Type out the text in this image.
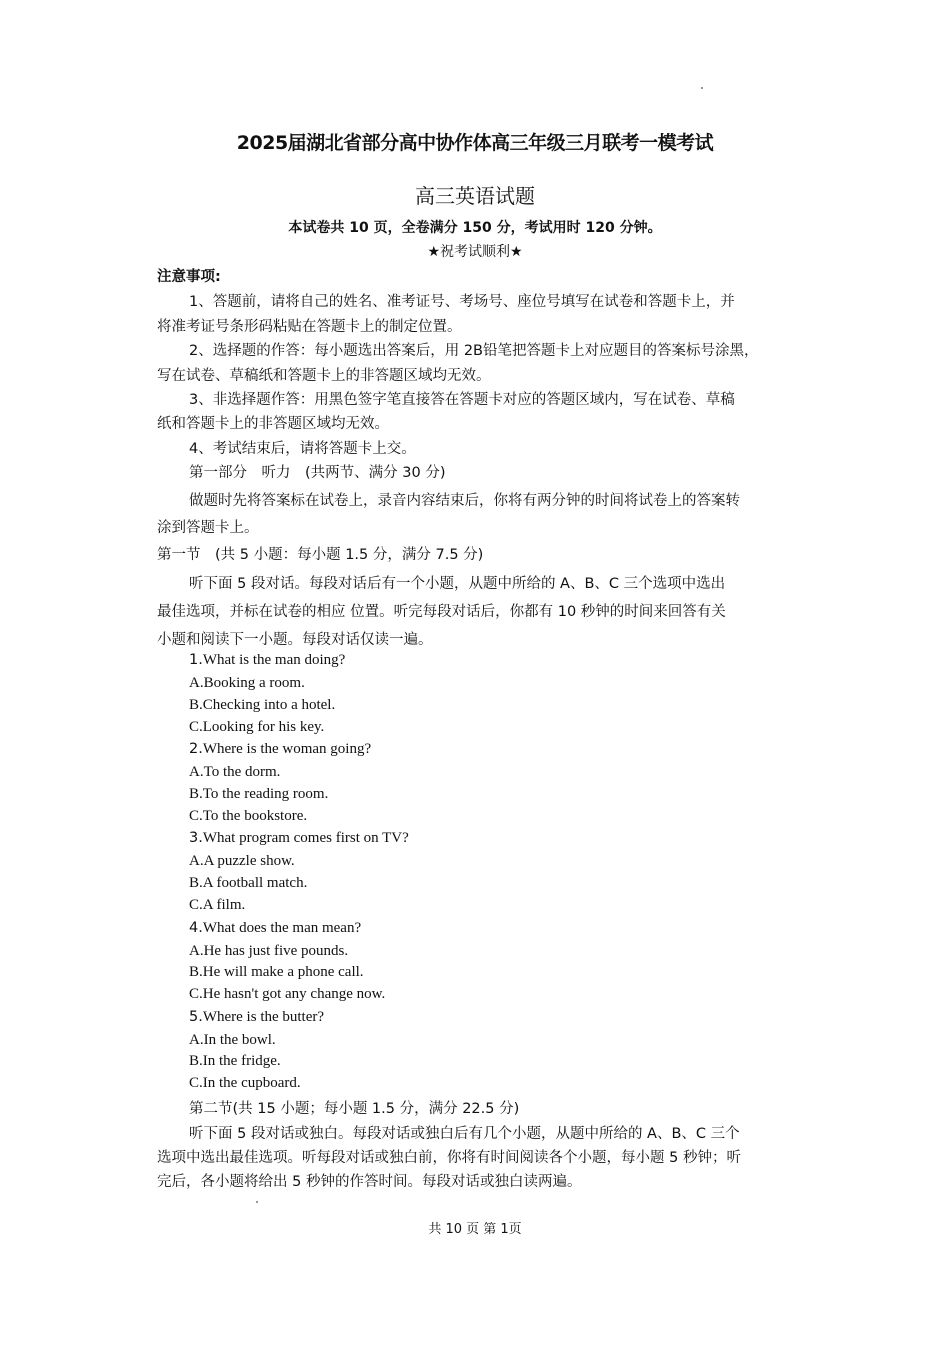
2025届湖北省部分高中协作体高三年级三月联考一模考试
高三英语试题
本试卷共 10 页，全卷满分 150 分，考试用时 120 分钟。
★祝考试顺利★
注意事项:
1、答题前，请将自己的姓名、准考证号、考场号、座位号填写在试卷和答题卡上，并
将准考证号条形码粘贴在答题卡上的制定位置。
2、选择题的作答：每小题选出答案后，用 2B铅笔把答题卡上对应题目的答案标号涂黑，
写在试卷、草稿纸和答题卡上的非答题区域均无效。
3、非选择题作答：用黑色签字笔直接答在答题卡对应的答题区域内，写在试卷、草稿
纸和答题卡上的非答题区域均无效。
4、考试结束后，请将答题卡上交。
第一部分　听力　(共两节、满分 30 分)
做题时先将答案标在试卷上，录音内容结束后，你将有两分钟的时间将试卷上的答案转
涂到答题卡上。
第一节　(共 5 小题：每小题 1.5 分，满分 7.5 分)
听下面 5 段对话。每段对话后有一个小题，从题中所给的 A、B、C 三个选项中选出
最佳选项，并标在试卷的相应 位置。听完每段对话后，你都有 10 秒钟的时间来回答有关
小题和阅读下一小题。每段对话仅读一遍。
1.What is the man doing?
A.Booking a room.
B.Checking into a hotel.
C.Looking for his key.
2.Where is the woman going?
A.To the dorm.
B.To the reading room.
C.To the bookstore.
3.What program comes first on TV?
A.A puzzle show.
B.A football match.
C.A film.
4.What does the man mean?
A.He has just five pounds.
B.He will make a phone call.
C.He hasn't got any change now.
5.Where is the butter?
A.In the bowl.
B.In the fridge.
C.In the cupboard.
第二节(共 15 小题；每小题 1.5 分，满分 22.5 分)
听下面 5 段对话或独白。每段对话或独白后有几个小题，从题中所给的 A、B、C 三个
选项中选出最佳选项。听每段对话或独白前，你将有时间阅读各个小题，每小题 5 秒钟；听
完后，各小题将给出 5 秒钟的作答时间。每段对话或独白读两遍。
共 10 页 第 1页
